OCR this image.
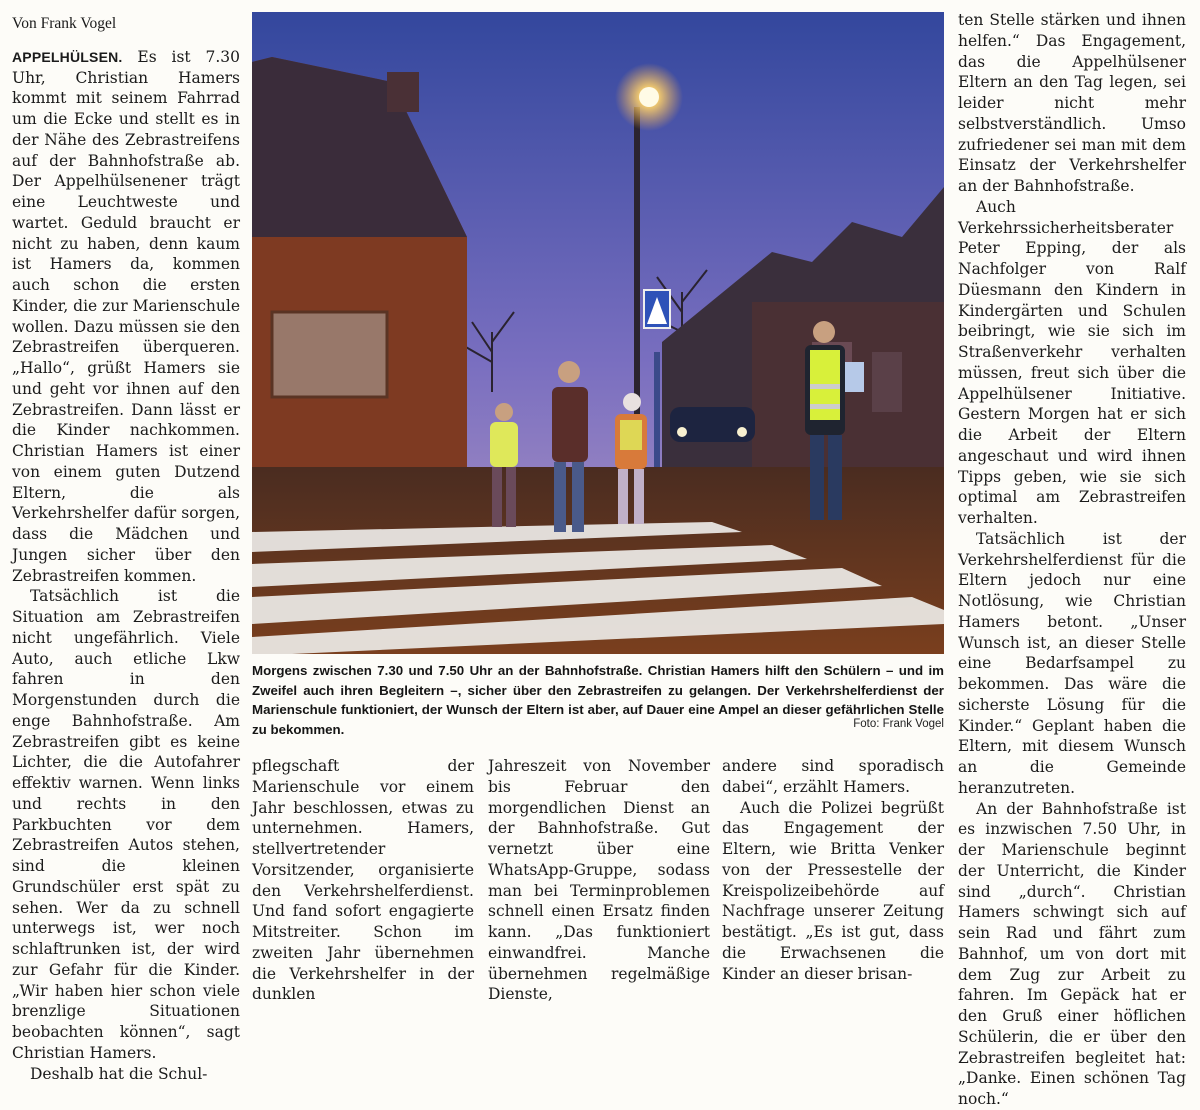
Von Frank Vogel

APPELHÜLSEN. Es ist 7.30 Uhr, Christian Hamers kommt mit seinem Fahrrad um die Ecke und stellt es in der Nähe des Zebrastreifens auf der Bahnhofstraße ab. Der Appelhülsenener trägt eine Leuchtweste und wartet. Geduld braucht er nicht zu haben, denn kaum ist Hamers da, kommen auch schon die ersten Kinder, die zur Marienschule wollen. Dazu müssen sie den Zebrastreifen überqueren. „Hallo“, grüßt Hamers sie und geht vor ihnen auf den Zebrastreifen. Dann lässt er die Kinder nachkommen. Christian Hamers ist einer von einem guten Dutzend Eltern, die als Verkehrshelfer dafür sorgen, dass die Mädchen und Jungen sicher über den Zebrastreifen kommen.

Tatsächlich ist die Situation am Zebrastreifen nicht ungefährlich. Viele Auto, auch etliche Lkw fahren in den Morgenstunden durch die enge Bahnhofstraße. Am Zebrastreifen gibt es keine Lichter, die die Autofahrer effektiv warnen. Wenn links und rechts in den Parkbuchten vor dem Zebrastreifen Autos stehen, sind die kleinen Grundschüler erst spät zu sehen. Wer da zu schnell unterwegs ist, wer noch schlaftrunken ist, der wird zur Gefahr für die Kinder. „Wir haben hier schon viele brenzlige Situationen beobachten können“, sagt Christian Hamers.

Deshalb hat die Schul-

Morgens zwischen 7.30 und 7.50 Uhr an der Bahnhofstraße. Christian Hamers hilft den Schülern – und im Zweifel auch ihren Begleitern –, sicher über den Zebrastreifen zu gelangen. Der Verkehrshelferdienst der Marienschule funktioniert, der Wunsch der Eltern ist aber, auf Dauer eine Ampel an dieser gefährlichen Stelle zu bekommen.	Foto: Frank Vogel

pflegschaft der Marienschule vor einem Jahr beschlossen, etwas zu unternehmen. Hamers, stellvertretender Vorsitzender, organisierte den Verkehrshelferdienst. Und fand sofort engagierte Mitstreiter. Schon im zweiten Jahr übernehmen die Verkehrshelfer in der dunklen

Jahreszeit von November bis Februar den morgendlichen Dienst an der Bahnhofstraße. Gut vernetzt über eine WhatsApp-Gruppe, sodass man bei Terminproblemen schnell einen Ersatz finden kann. „Das funktioniert einwandfrei. Manche übernehmen regelmäßige Dienste,

andere sind sporadisch dabei“, erzählt Hamers.

Auch die Polizei begrüßt das Engagement der Eltern, wie Britta Venker von der Pressestelle der Kreispolizeibehörde auf Nachfrage unserer Zeitung bestätigt. „Es ist gut, dass die Erwachsenen die Kinder an dieser brisan-

ten Stelle stärken und ihnen helfen.“ Das Engagement, das die Appelhülsener Eltern an den Tag legen, sei leider nicht mehr selbstverständlich. Umso zufriedener sei man mit dem Einsatz der Verkehrshelfer an der Bahnhofstraße.

Auch Verkehrssicherheitsberater Peter Epping, der als Nachfolger von Ralf Düesmann den Kindern in Kindergärten und Schulen beibringt, wie sie sich im Straßenverkehr verhalten müssen, freut sich über die Appelhülsener Initiative. Gestern Morgen hat er sich die Arbeit der Eltern angeschaut und wird ihnen Tipps geben, wie sie sich optimal am Zebrastreifen verhalten.

Tatsächlich ist der Verkehrshelferdienst für die Eltern jedoch nur eine Notlösung, wie Christian Hamers betont. „Unser Wunsch ist, an dieser Stelle eine Bedarfsampel zu bekommen. Das wäre die sicherste Lösung für die Kinder.“ Geplant haben die Eltern, mit diesem Wunsch an die Gemeinde heranzutreten.

An der Bahnhofstraße ist es inzwischen 7.50 Uhr, in der Marienschule beginnt der Unterricht, die Kinder sind „durch“. Christian Hamers schwingt sich auf sein Rad und fährt zum Bahnhof, um von dort mit dem Zug zur Arbeit zu fahren. Im Gepäck hat er den Gruß einer höflichen Schülerin, die er über den Zebrastreifen begleitet hat: „Danke. Einen schönen Tag noch.“
